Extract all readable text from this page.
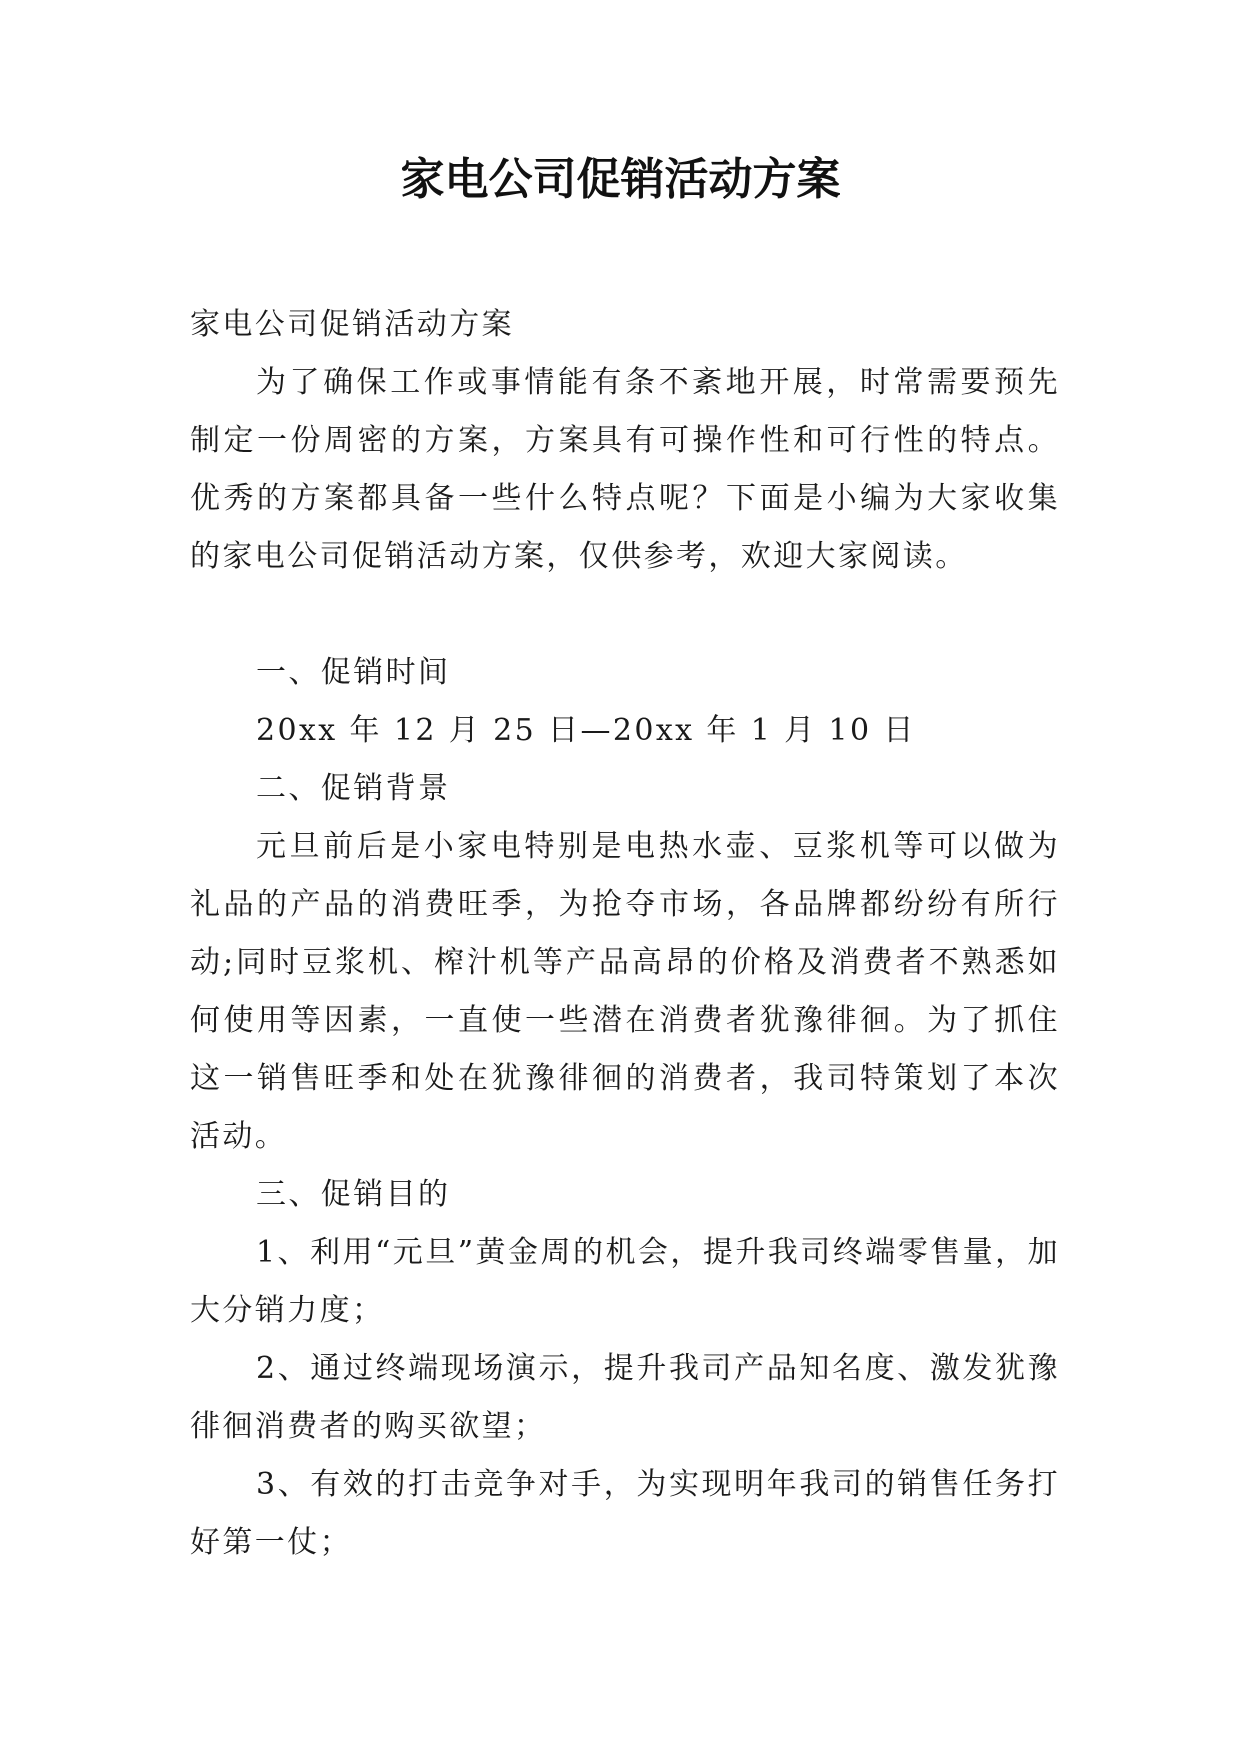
家电公司促销活动方案

家电公司促销活动方案

为了确保工作或事情能有条不紊地开展，时常需要预先制定一份周密的方案，方案具有可操作性和可行性的特点。优秀的方案都具备一些什么特点呢？下面是小编为大家收集的家电公司促销活动方案，仅供参考，欢迎大家阅读。

一、促销时间

20xx 年 12 月 25 日—20xx 年 1 月 10 日

二、促销背景

元旦前后是小家电特别是电热水壶、豆浆机等可以做为礼品的产品的消费旺季，为抢夺市场，各品牌都纷纷有所行动;同时豆浆机、榨汁机等产品高昂的价格及消费者不熟悉如何使用等因素，一直使一些潜在消费者犹豫徘徊。为了抓住这一销售旺季和处在犹豫徘徊的消费者，我司特策划了本次活动。

三、促销目的

1、利用“元旦”黄金周的机会，提升我司终端零售量，加大分销力度；

2、通过终端现场演示，提升我司产品知名度、激发犹豫徘徊消费者的购买欲望；

3、有效的打击竞争对手，为实现明年我司的销售任务打好第一仗；
